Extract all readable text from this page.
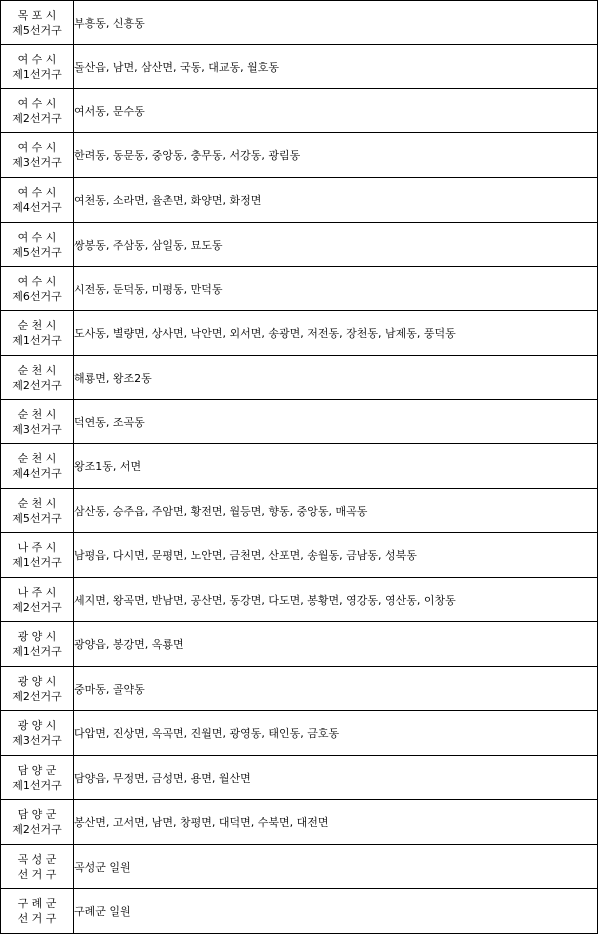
목 포 시
제5선거구	부흥동, 신흥동

여 수 시
제1선거구	돌산읍, 남면, 삼산면, 국동, 대교동, 월호동

여 수 시
제2선거구	여서동, 문수동

여 수 시
제3선거구	한려동, 동문동, 중앙동, 충무동, 서강동, 광림동

여 수 시
제4선거구	여천동, 소라면, 율촌면, 화양면, 화정면

여 수 시
제5선거구	쌍봉동, 주삼동, 삼일동, 묘도동

여 수 시
제6선거구	시전동, 둔덕동, 미평동, 만덕동

순 천 시
제1선거구	도사동, 별량면, 상사면, 낙안면, 외서면, 송광면, 저전동, 장천동, 남제동, 풍덕동

순 천 시
제2선거구	해룡면, 왕조2동

순 천 시
제3선거구	덕연동, 조곡동

순 천 시
제4선거구	왕조1동, 서면

순 천 시
제5선거구	삼산동, 승주읍, 주암면, 황전면, 월등면, 향동, 중앙동, 매곡동

나 주 시
제1선거구	남평읍, 다시면, 문평면, 노안면, 금천면, 산포면, 송월동, 금남동, 성북동

나 주 시
제2선거구	세지면, 왕곡면, 반남면, 공산면, 동강면, 다도면, 봉황면, 영강동, 영산동, 이창동

광 양 시
제1선거구	광양읍, 봉강면, 옥룡면

광 양 시
제2선거구	중마동, 골약동

광 양 시
제3선거구	다압면, 진상면, 옥곡면, 진월면, 광영동, 태인동, 금호동

담 양 군
제1선거구	담양읍, 무정면, 금성면, 용면, 월산면

담 양 군
제2선거구	봉산면, 고서면, 남면, 창평면, 대덕면, 수북면, 대전면

곡 성 군
선 거 구	곡성군 일원

구 례 군
선 거 구	구례군 일원
